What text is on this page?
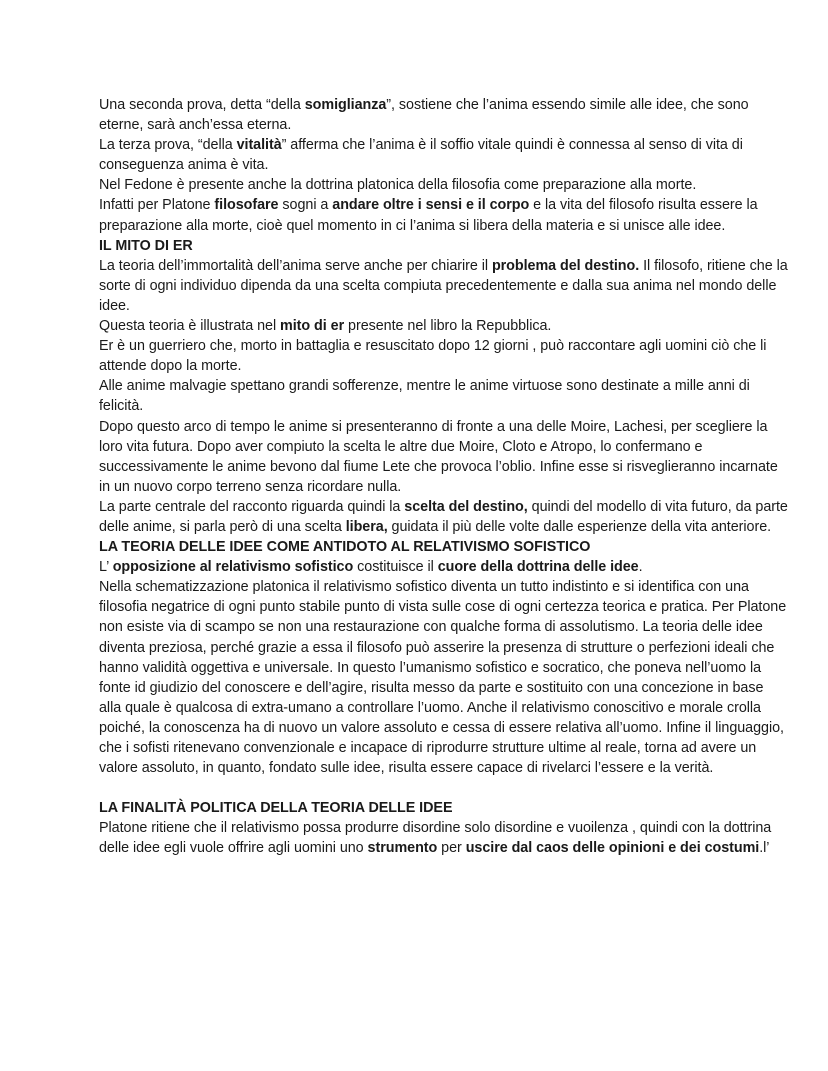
Una seconda prova, detta “della somiglianza”, sostiene che l’anima essendo simile alle idee, che sono eterne, sarà anch’essa eterna.

La terza prova, “della vitalità” afferma che l’anima è il soffio vitale quindi è connessa al senso di vita di conseguenza anima è vita.

Nel Fedone è presente anche la dottrina platonica della filosofia come preparazione alla morte.

Infatti per Platone filosofare sogni a andare oltre i sensi e il corpo e la vita del filosofo risulta essere la preparazione alla morte, cioè quel momento in ci l’anima si libera della materia e si unisce alle idee.

IL MITO DI ER

La teoria dell’immortalità dell’anima serve anche per chiarire il problema del destino. Il filosofo, ritiene che la sorte di ogni individuo dipenda da una scelta compiuta precedentemente e dalla sua anima nel mondo delle idee.

Questa teoria è illustrata nel mito di er presente nel libro la Repubblica.

Er è un guerriero che, morto in battaglia e resuscitato dopo 12 giorni , può raccontare agli uomini ciò che li attende dopo la morte.

Alle anime malvagie spettano grandi sofferenze, mentre le anime virtuose sono destinate a mille anni di felicità.

Dopo questo arco di tempo le anime si presenteranno di fronte a una delle Moire, Lachesi, per scegliere la loro vita futura. Dopo aver compiuto la scelta le altre due Moire, Cloto e Atropo, lo confermano e successivamente le anime bevono dal fiume Lete che provoca l’oblio. Infine esse si risveglieranno incarnate in un nuovo corpo terreno senza ricordare nulla.

La parte centrale del racconto riguarda quindi la scelta del destino, quindi del modello di vita futuro, da parte delle anime, si parla però di una scelta libera, guidata il più delle volte dalle esperienze della vita anteriore.

LA TEORIA DELLE IDEE COME ANTIDOTO AL RELATIVISMO SOFISTICO

L’ opposizione al relativismo sofistico costituisce il cuore della dottrina delle idee.

Nella schematizzazione platonica il relativismo sofistico diventa un tutto indistinto e si identifica con una filosofia negatrice di ogni punto stabile punto di vista sulle cose di ogni certezza teorica e pratica. Per Platone non esiste via di scampo se non una restaurazione con qualche forma di assolutismo. La teoria delle idee diventa preziosa, perché grazie a essa il filosofo può asserire la presenza di strutture o perfezioni ideali che hanno validità oggettiva e universale. In questo l’umanismo sofistico e socratico, che poneva nell’uomo la fonte id giudizio del conoscere e dell’agire, risulta messo da parte e sostituito con una concezione in base alla quale è qualcosa di extra-umano a controllare l’uomo. Anche il relativismo conoscitivo e morale crolla poiché, la conoscenza ha di nuovo un valore assoluto e cessa di essere relativa all’uomo. Infine il linguaggio, che i sofisti ritenevano convenzionale e incapace di riprodurre strutture ultime al reale, torna ad avere un valore assoluto, in quanto, fondato sulle idee, risulta essere capace di rivelarci l’essere e la verità.

LA FINALITÀ POLITICA DELLA TEORIA DELLE IDEE

Platone ritiene che il relativismo possa produrre disordine solo disordine e vuoilenza , quindi con la dottrina delle idee egli vuole offrire agli uomini uno strumento per uscire dal caos delle opinioni e dei costumi.l’
